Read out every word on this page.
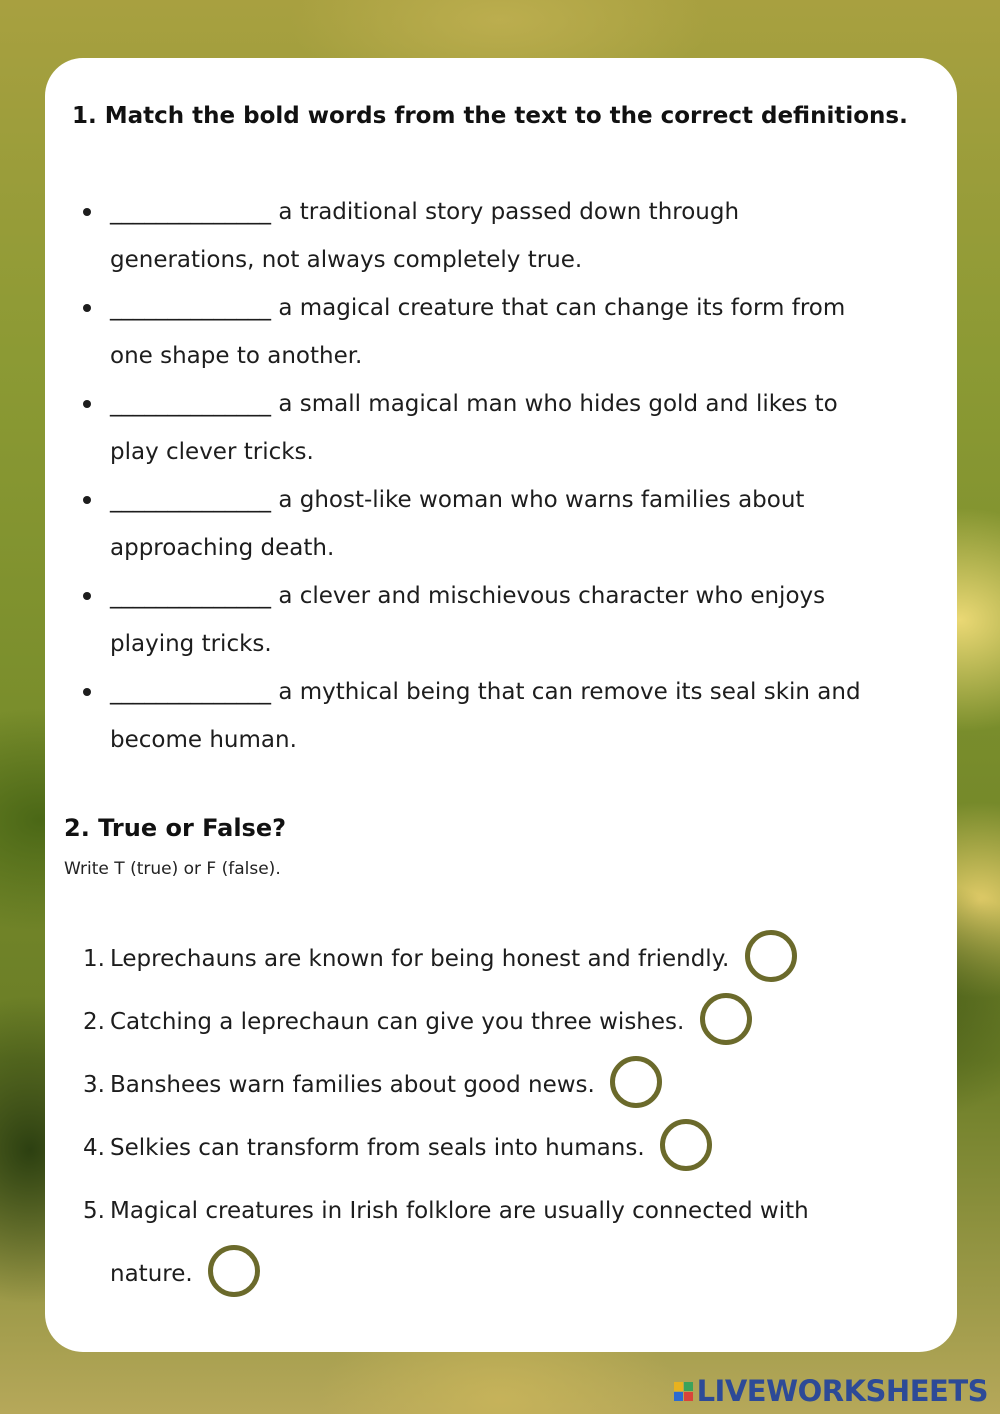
1. Match the bold words from the text to the correct definitions.
______________ a traditional story passed down through
generations, not always completely true.
______________ a magical creature that can change its form from
one shape to another.
______________ a small magical man who hides gold and likes to
play clever tricks.
______________ a ghost-like woman who warns families about
approaching death.
______________ a clever and mischievous character who enjoys
playing tricks.
______________ a mythical being that can remove its seal skin and
become human.
2. True or False?
Write T (true) or F (false).
1. Leprechauns are known for being honest and friendly.
2. Catching a leprechaun can give you three wishes.
3. Banshees warn families about good news.
4. Selkies can transform from seals into humans.
5. Magical creatures in Irish folklore are usually connected with
nature.
LIVEWORKSHEETS
